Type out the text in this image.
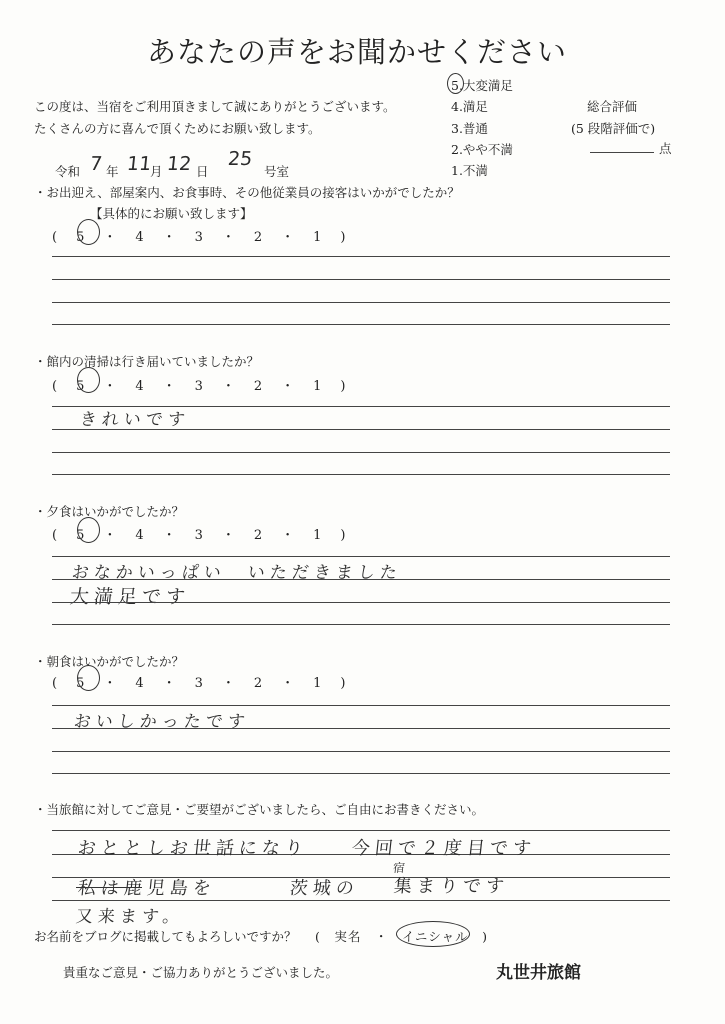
あなたの声をお聞かせください
この度は、当宿をご利用頂きまして誠にありがとうございます。
たくさんの方に喜んで頂くためにお願い致します。
5.大変満足
4.満足
3.普通
2.やや不満
1.不満
総合評価
(5 段階評価で)
点
令和 7 年 11
月 12 日
25
号室
・お出迎え、部屋案内、お食事時、その他従業員の接客はいかがでしたか？
【具体的にお願い致します】
(　5　・　4　・　3　・　2　・　1　)
・館内の清掃は行き届いていましたか？
(　5　・　4　・　3　・　2　・　1　)
きれいです
・夕食はいかがでしたか？
(　5　・　4　・　3　・　2　・　1　)
おなかいっぱい　いただきました
大満足です
・朝食はいかがでしたか？
(　5　・　4　・　3　・　2　・　1　)
おいしかったです
・当旅館に対してご意見・ご要望がございましたら、ご自由にお書きください。
おととしお世話になり 今回で２度目です
宿
私は鹿児島を	茨城の 集まりです
又来ます。
お名前をブログに掲載してもよろしいですか？ (　実名　・　イニシャル　)
貴重なご意見・ご協力ありがとうございました。	丸世井旅館
